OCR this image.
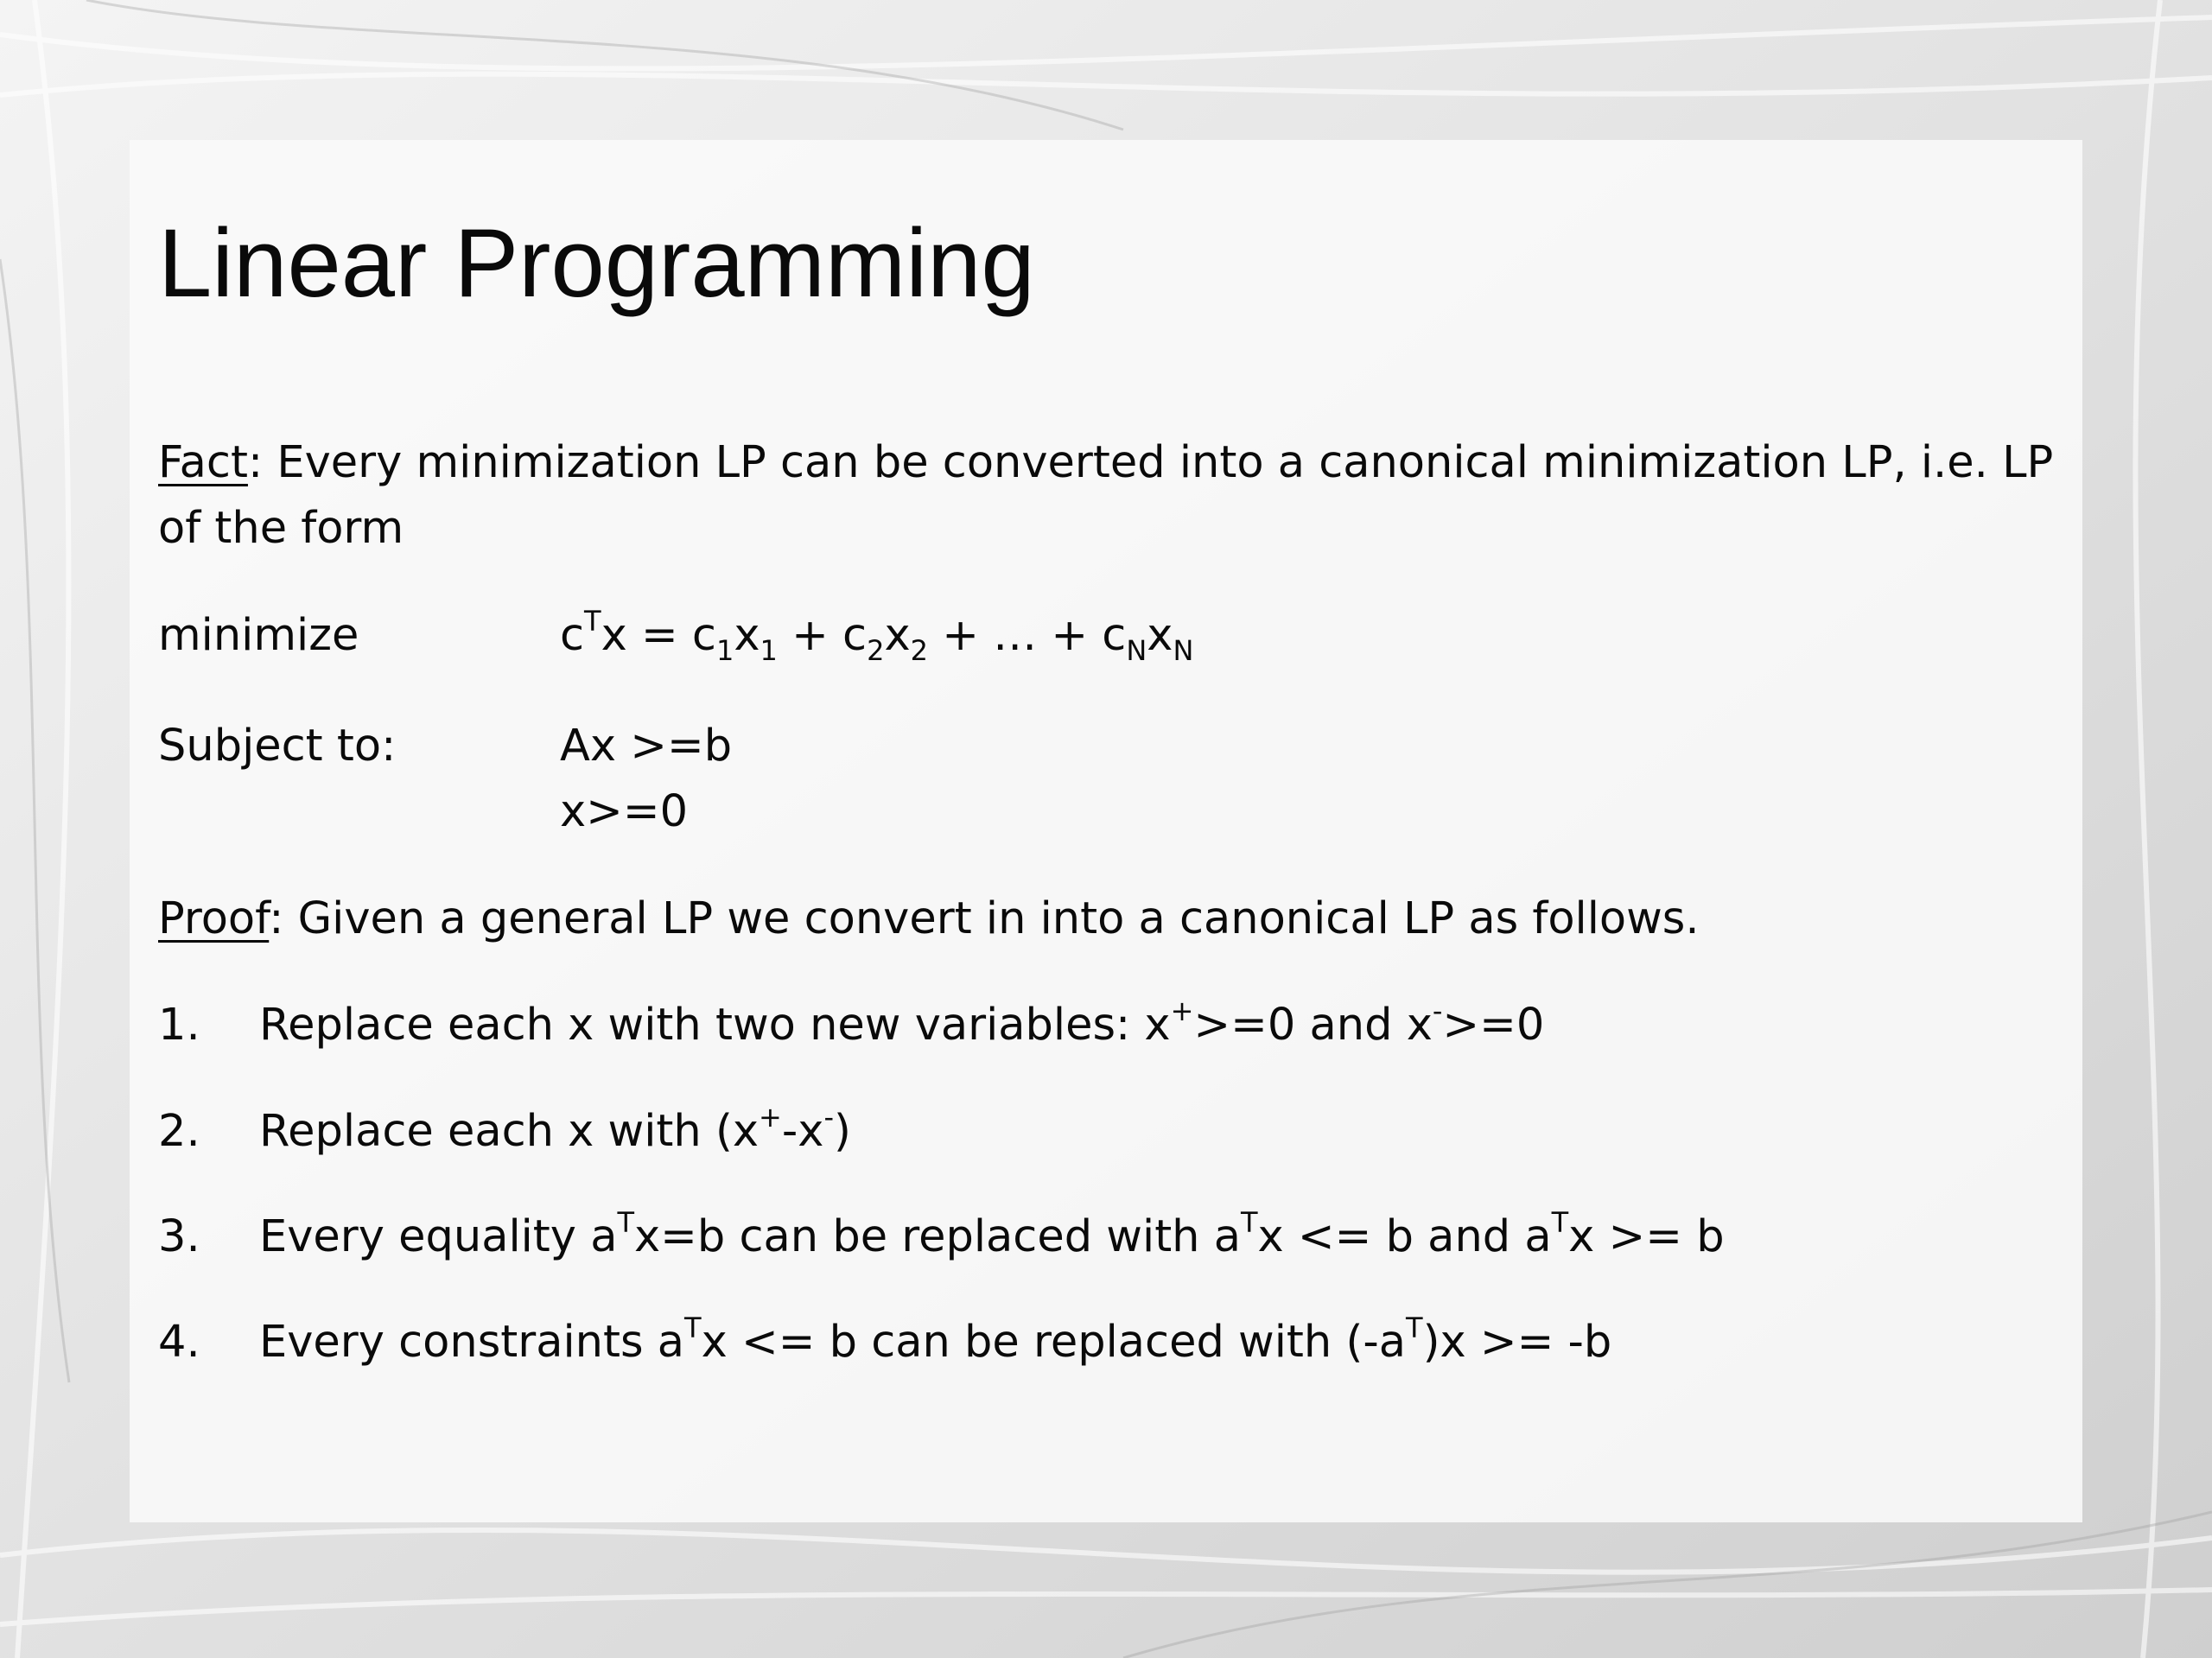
Linear Programming
Fact: Every minimization LP can be converted into a canonical minimization LP, i.e. LP
of the form
minimize	$c^Tx = c_1x_1 + c_2x_2$ + … + $c_Nx_N$
Subject to:	Ax >=b
x>=0
Proof: Given a general LP we convert in into a canonical LP as follows.
1. Replace each x with two new variables: x+>=0 and x->=0
2. Replace each x with (x+-x-)
3. Every equality $a^Tx=b$ can be replaced with $a^Tx <= b$ and $a^Tx >= b$
4. Every constraints $a^Tx <= b$ can be replaced with $(-a^T)x >= -b$
